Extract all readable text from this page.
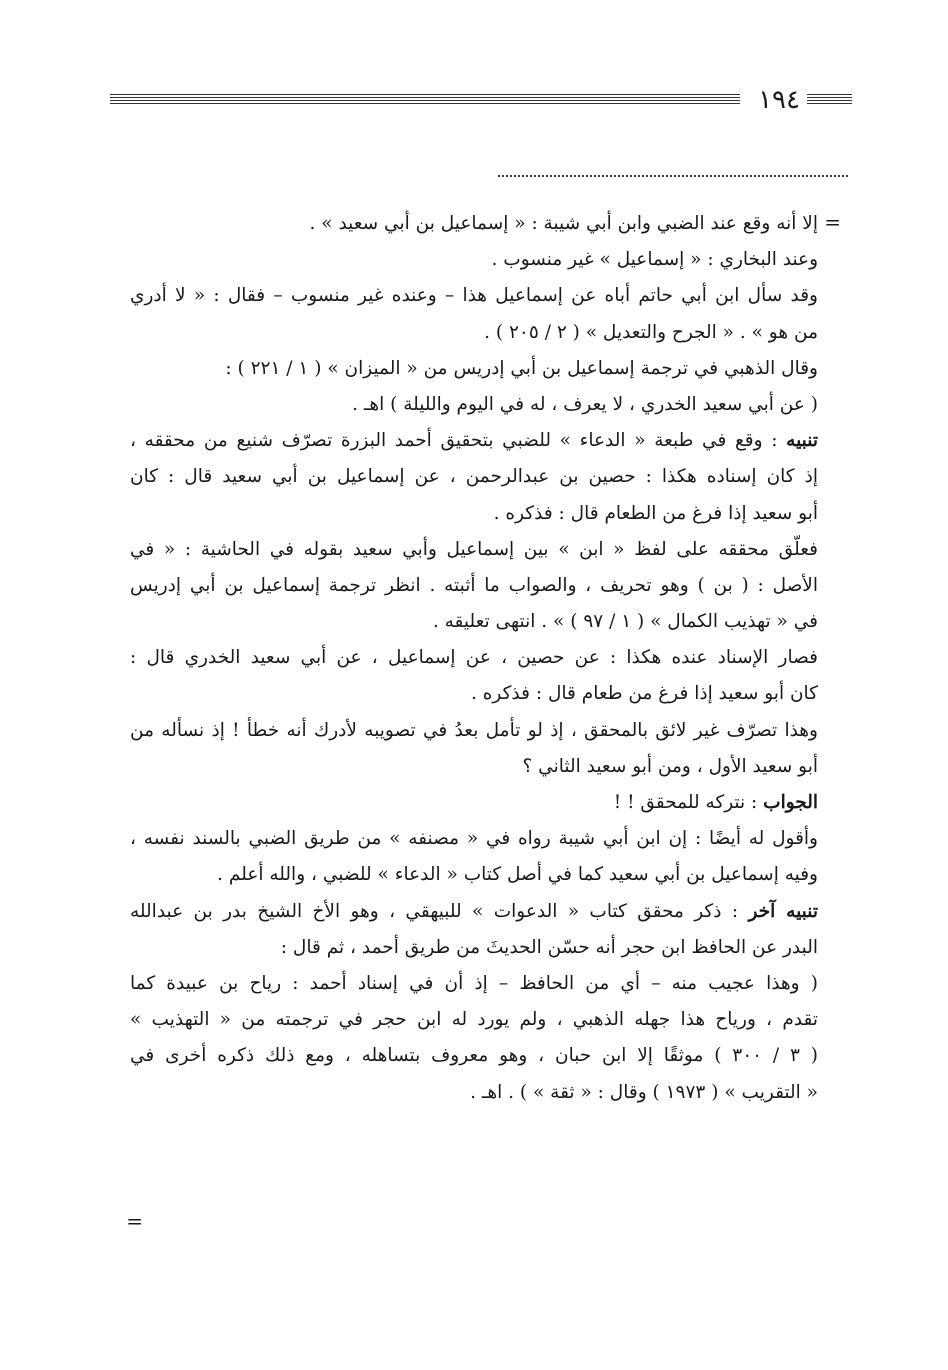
١٩٤
=
إلا أنه وقع عند الضبي وابن أبي شيبة : « إسماعيل بن أبي سعيد » .
وعند البخاري : « إسماعيل » غير منسوب .
وقد سأل ابن أبي حاتم أباه عن إسماعيل هذا – وعنده غير منسوب – فقال : « لا أدري
من هو » . « الجرح والتعديل » ( ٢ / ٢٠٥ ) .
وقال الذهبي في ترجمة إسماعيل بن أبي إدريس من « الميزان » ( ١ / ٢٢١ ) :
( عن أبي سعيد الخدري ، لا يعرف ، له في اليوم والليلة ) اهـ .
تنبيه : وقع في طبعة « الدعاء » للضبي بتحقيق أحمد البزرة تصرّف شنيع من محققه ،
إذ كان إسناده هكذا : حصين بن عبدالرحمن ، عن إسماعيل بن أبي سعيد قال : كان
أبو سعيد إذا فرغ من الطعام قال : فذكره .
فعلّق محققه على لفظ « ابن » بين إسماعيل وأبي سعيد بقوله في الحاشية : « في
الأصل : ( بن ) وهو تحريف ، والصواب ما أثبته . انظر ترجمة إسماعيل بن أبي إدريس
في « تهذيب الكمال » ( ١ / ٩٧ ) » . انتهى تعليقه .
فصار الإسناد عنده هكذا : عن حصين ، عن إسماعيل ، عن أبي سعيد الخدري قال :
كان أبو سعيد إذا فرغ من طعام قال : فذكره .
وهذا تصرّف غير لائق بالمحقق ، إذ لو تأمل بعدُ في تصويبه لأدرك أنه خطأ ! إذ نسأله من
أبو سعيد الأول ، ومن أبو سعيد الثاني ؟
الجواب : نتركه للمحقق ! !
وأقول له أيضًا : إن ابن أبي شيبة رواه في « مصنفه » من طريق الضبي بالسند نفسه ،
وفيه إسماعيل بن أبي سعيد كما في أصل كتاب « الدعاء » للضبي ، والله أعلم .
تنبيه آخر : ذكر محقق كتاب « الدعوات » للبيهقي ، وهو الأخ الشيخ بدر بن عبدالله
البدر عن الحافظ ابن حجر أنه حسّن الحديثَ من طريق أحمد ، ثم قال :
( وهذا عجيب منه – أي من الحافظ – إذ أن في إسناد أحمد : رياح بن عبيدة كما
تقدم ، ورياح هذا جهله الذهبي ، ولم يورد له ابن حجر في ترجمته من « التهذيب »
( ٣ / ٣٠٠ ) موثقًا إلا ابن حبان ، وهو معروف بتساهله ، ومع ذلك ذكره أخرى في
« التقريب » ( ١٩٧٣ ) وقال : « ثقة » ) . اهـ .
=
